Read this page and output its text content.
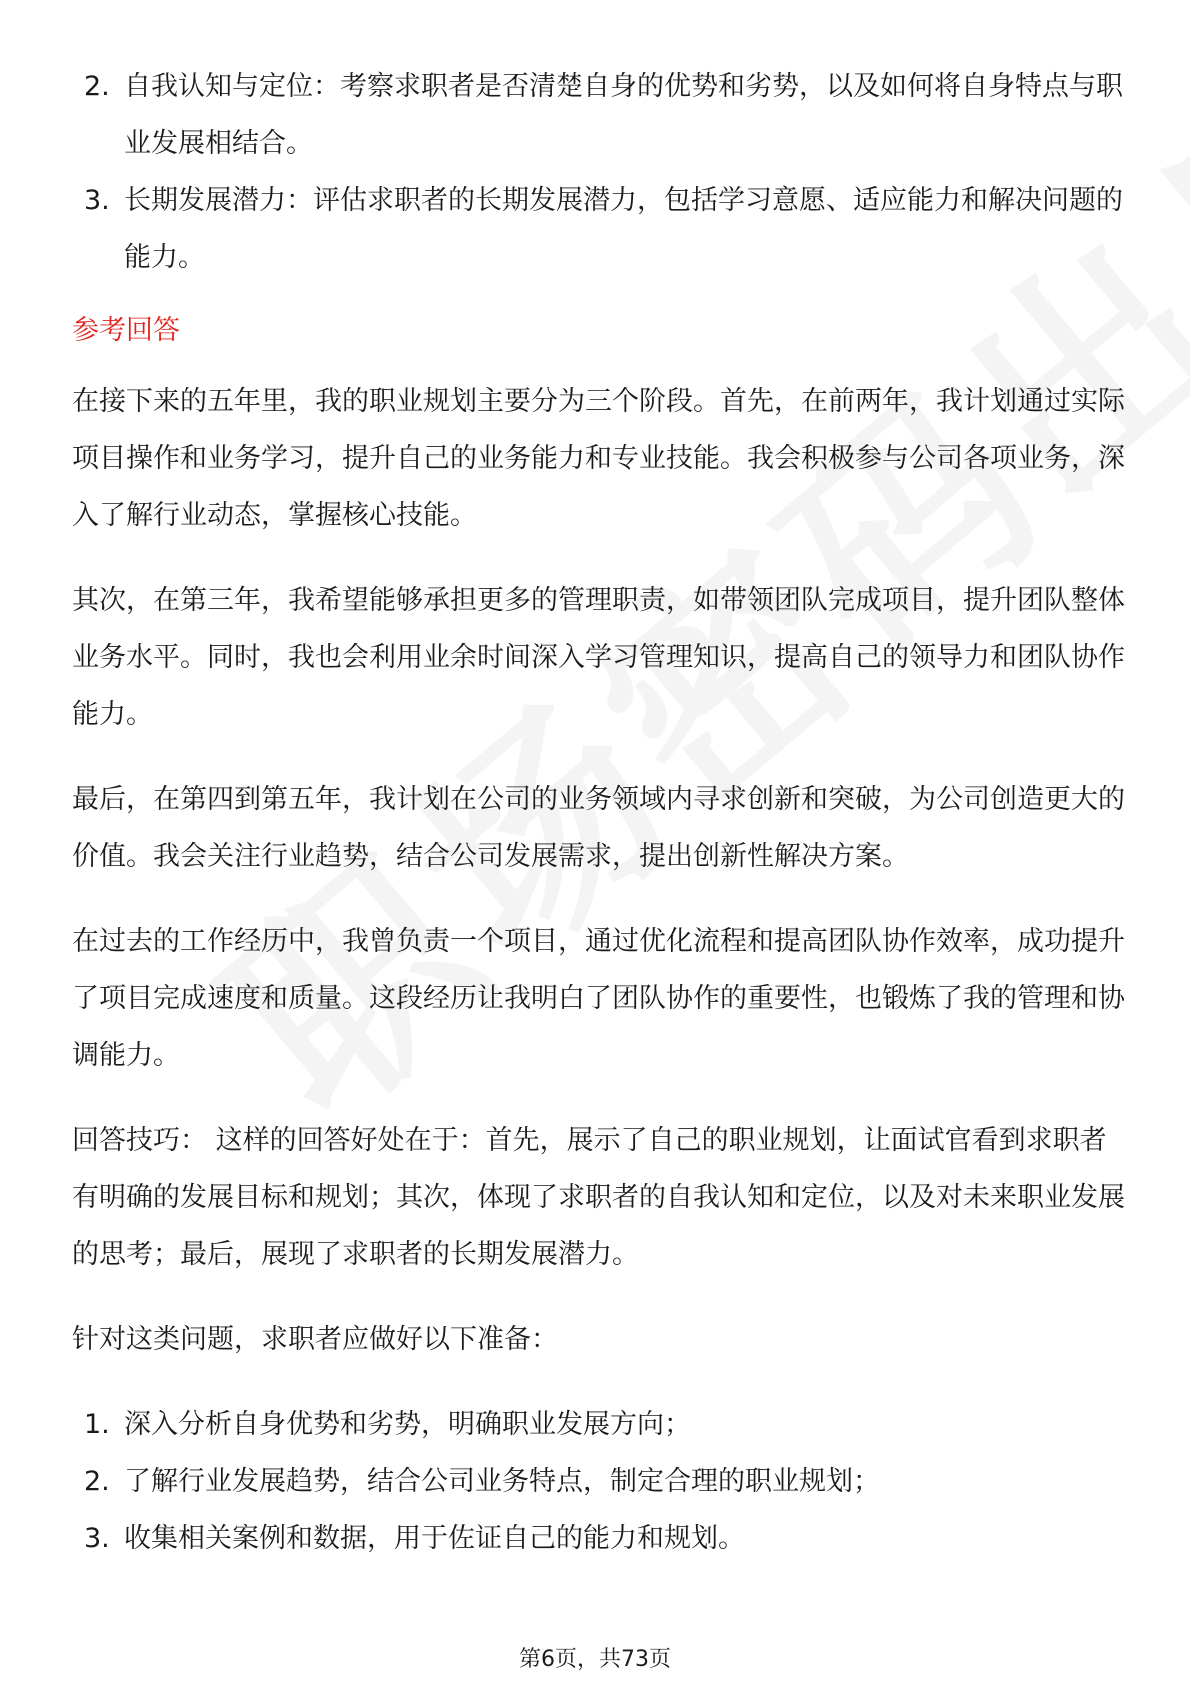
2. 自我认知与定位：考察求职者是否清楚自身的优势和劣势，以及如何将自身特点与职业发展相结合。
3. 长期发展潜力：评估求职者的长期发展潜力，包括学习意愿、适应能力和解决问题的能力。
参考回答

在接下来的五年里，我的职业规划主要分为三个阶段。首先，在前两年，我计划通过实际项目操作和业务学习，提升自己的业务能力和专业技能。我会积极参与公司各项业务，深入了解行业动态，掌握核心技能。

其次，在第三年，我希望能够承担更多的管理职责，如带领团队完成项目，提升团队整体业务水平。同时，我也会利用业余时间深入学习管理知识，提高自己的领导力和团队协作能力。

最后，在第四到第五年，我计划在公司的业务领域内寻求创新和突破，为公司创造更大的价值。我会关注行业趋势，结合公司发展需求，提出创新性解决方案。

在过去的工作经历中，我曾负责一个项目，通过优化流程和提高团队协作效率，成功提升了项目完成速度和质量。这段经历让我明白了团队协作的重要性，也锻炼了我的管理和协调能力。

回答技巧： 这样的回答好处在于：首先，展示了自己的职业规划，让面试官看到求职者有明确的发展目标和规划；其次，体现了求职者的自我认知和定位，以及对未来职业发展的思考；最后，展现了求职者的长期发展潜力。

针对这类问题，求职者应做好以下准备：

1. 深入分析自身优势和劣势，明确职业发展方向；
2. 了解行业发展趋势，结合公司业务特点，制定合理的职业规划；
3. 收集相关案例和数据，用于佐证自己的能力和规划。
第6页，共73页
